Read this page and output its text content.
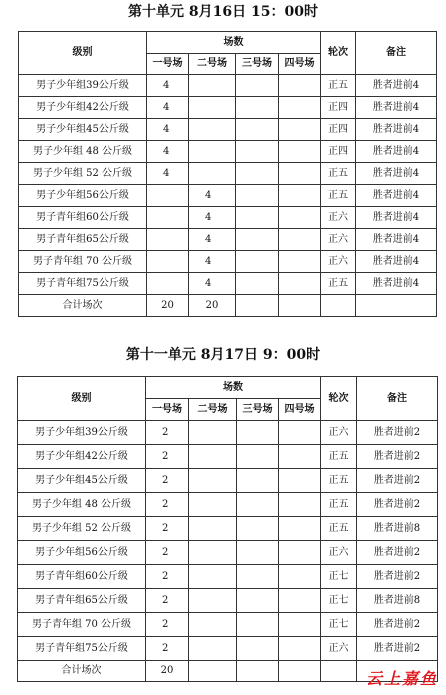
第十单元 8月16日 15：00时
级别	场数				轮次	备注
	一号场	二号场	三号场	四号场		
男子少年组39公斤级	4				正五	胜者进前4
男子少年组42公斤级	4				正四	胜者进前4
男子少年组45公斤级	4				正四	胜者进前4
男子少年组 48 公斤级	4				正四	胜者进前4
男子少年组 52 公斤级	4				正五	胜者进前4
男子少年组56公斤级		4			正五	胜者进前4
男子青年组60公斤级		4			正六	胜者进前4
男子青年组65公斤级		4			正六	胜者进前4
男子青年组 70 公斤级		4			正六	胜者进前4
男子青年组75公斤级		4			正五	胜者进前4
合计场次	20	20				
第十一单元 8月17日 9：00时
级别	场数				轮次	备注
	一号场	二号场	三号场	四号场		
男子少年组39公斤级	2				正六	胜者进前2
男子少年组42公斤级	2				正五	胜者进前2
男子少年组45公斤级	2				正五	胜者进前2
男子少年组 48 公斤级	2				正五	胜者进前2
男子少年组 52 公斤级	2				正五	胜者进前8
男子少年组56公斤级	2				正六	胜者进前2
男子青年组60公斤级	2				正七	胜者进前2
男子青年组65公斤级	2				正七	胜者进前8
男子青年组 70 公斤级	2				正七	胜者进前2
男子青年组75公斤级	2				正六	胜者进前2
合计场次	20						云上嘉鱼
